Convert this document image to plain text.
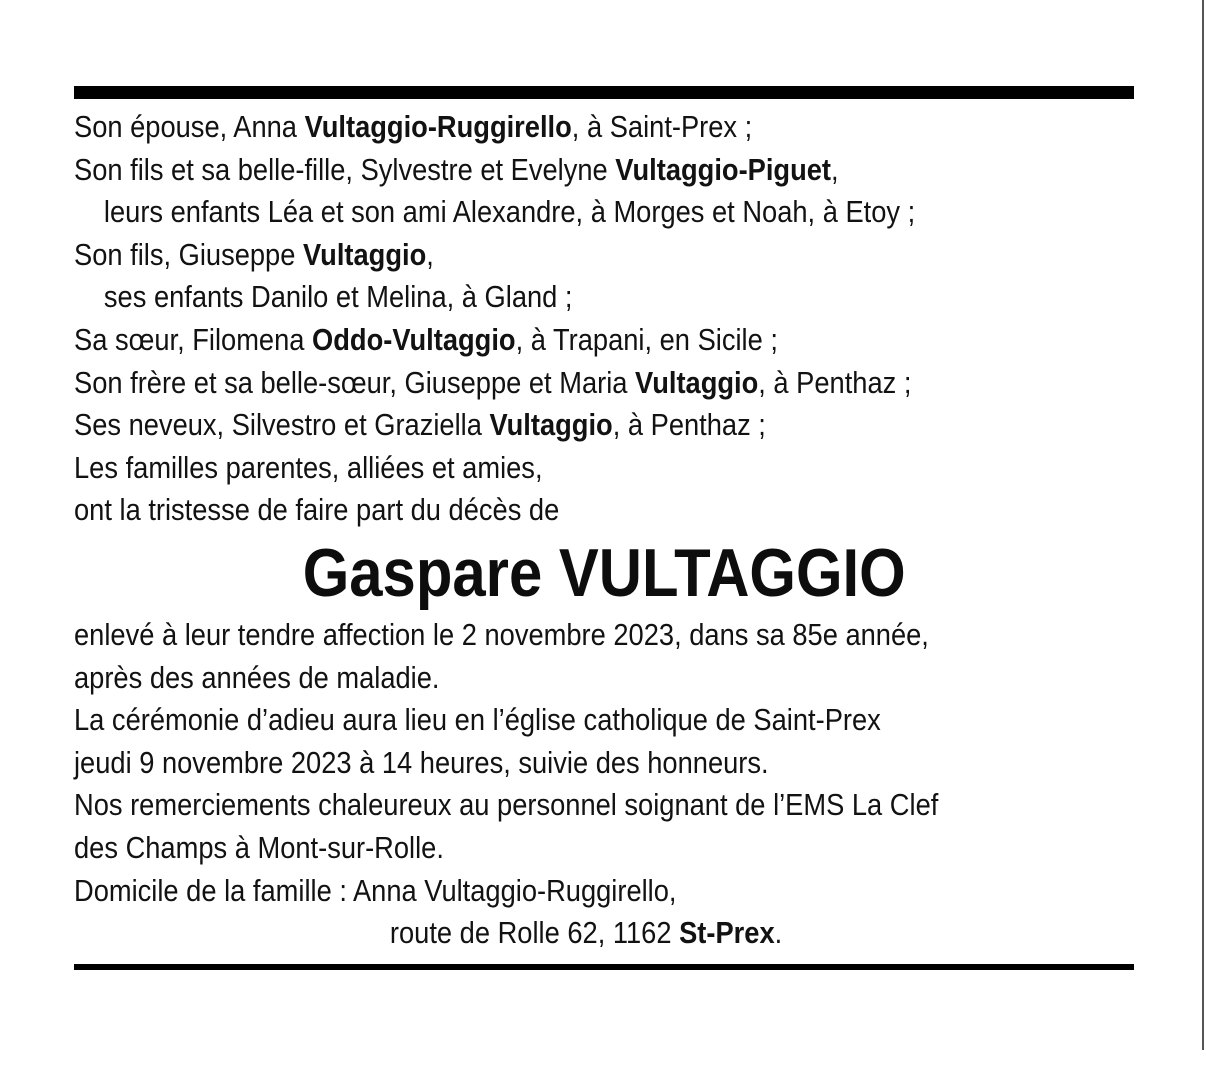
Son épouse, Anna Vultaggio-Ruggirello, à Saint-Prex ;

Son fils et sa belle-fille, Sylvestre et Evelyne Vultaggio-Piguet,

leurs enfants Léa et son ami Alexandre, à Morges et Noah, à Etoy ;

Son fils, Giuseppe Vultaggio,

ses enfants Danilo et Melina, à Gland ;

Sa sœur, Filomena Oddo-Vultaggio, à Trapani, en Sicile ;

Son frère et sa belle-sœur, Giuseppe et Maria Vultaggio, à Penthaz ;

Ses neveux, Silvestro et Graziella Vultaggio, à Penthaz ;

Les familles parentes, alliées et amies,

ont la tristesse de faire part du décès de

Gaspare VULTAGGIO

enlevé à leur tendre affection le 2 novembre 2023, dans sa 85e année,

après des années de maladie.

La cérémonie d’adieu aura lieu en l’église catholique de Saint-Prex

jeudi 9 novembre 2023 à 14 heures, suivie des honneurs.

Nos remerciements chaleureux au personnel soignant de l’EMS La Clef

des Champs à Mont-sur-Rolle.

Domicile de la famille : Anna Vultaggio-Ruggirello,

route de Rolle 62, 1162 St-Prex.
